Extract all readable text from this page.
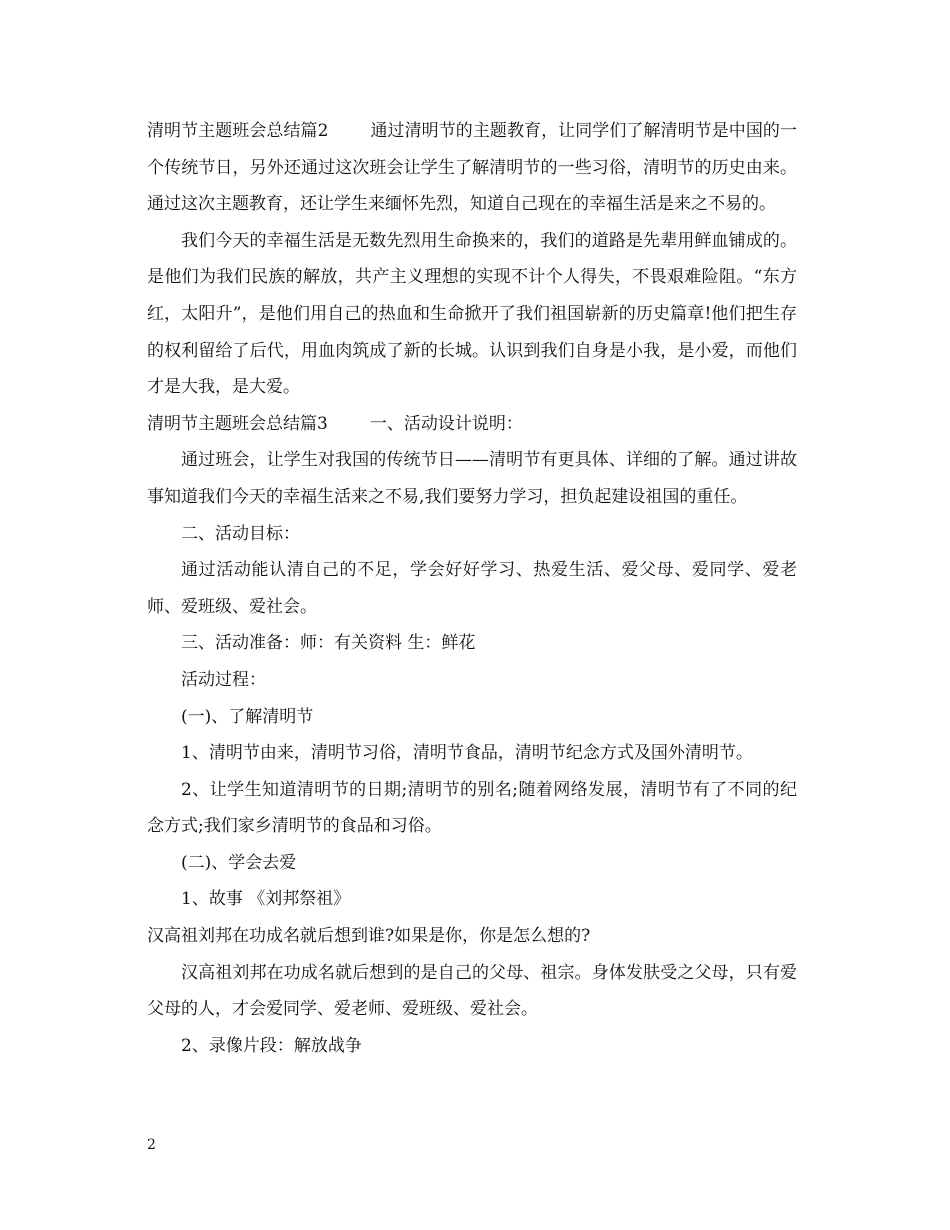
清明节主题班会总结篇2 通过清明节的主题教育，让同学们了解清明节是中国的一个传统节日，另外还通过这次班会让学生了解清明节的一些习俗，清明节的历史由来。通过这次主题教育，还让学生来缅怀先烈，知道自己现在的幸福生活是来之不易的。

我们今天的幸福生活是无数先烈用生命换来的，我们的道路是先辈用鲜血铺成的。是他们为我们民族的解放，共产主义理想的实现不计个人得失，不畏艰难险阻。“东方红，太阳升”，是他们用自己的热血和生命掀开了我们祖国崭新的历史篇章!他们把生存的权利留给了后代，用血肉筑成了新的长城。认识到我们自身是小我，是小爱，而他们才是大我，是大爱。

清明节主题班会总结篇3 一、活动设计说明：

通过班会，让学生对我国的传统节日——清明节有更具体、详细的了解。通过讲故事知道我们今天的幸福生活来之不易,我们要努力学习，担负起建设祖国的重任。

二、活动目标：

通过活动能认清自己的不足，学会好好学习、热爱生活、爱父母、爱同学、爱老师、爱班级、爱社会。

三、活动准备：师：有关资料 生：鲜花

活动过程：

(一)、了解清明节

1、清明节由来，清明节习俗，清明节食品，清明节纪念方式及国外清明节。

2、让学生知道清明节的日期;清明节的别名;随着网络发展，清明节有了不同的纪念方式;我们家乡清明节的食品和习俗。

(二)、学会去爱

1、故事 《刘邦祭祖》

汉高祖刘邦在功成名就后想到谁?如果是你，你是怎么想的?

汉高祖刘邦在功成名就后想到的是自己的父母、祖宗。身体发肤受之父母，只有爱父母的人，才会爱同学、爱老师、爱班级、爱社会。

2、录像片段：解放战争

2
